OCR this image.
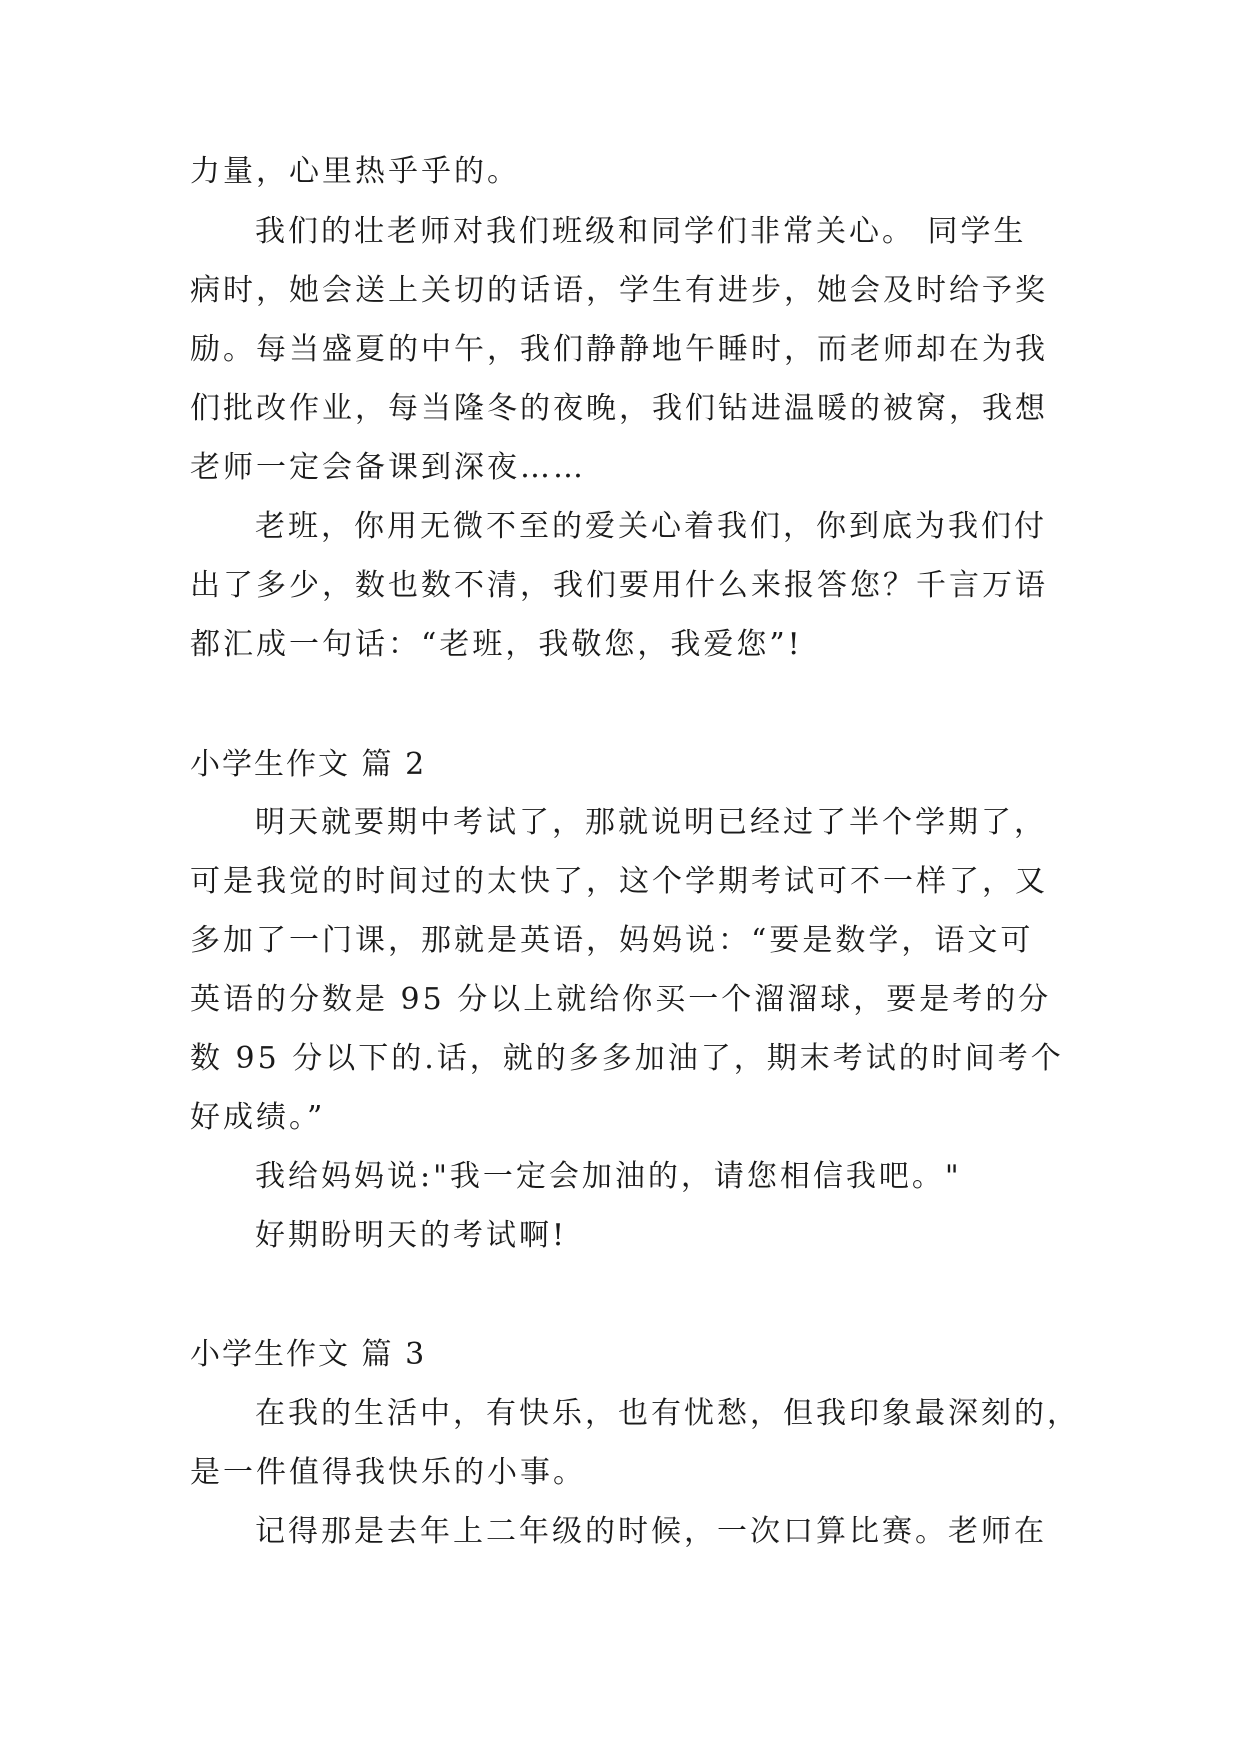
力量，心里热乎乎的。
我们的壮老师对我们班级和同学们非常关心。 同学生
病时，她会送上关切的话语，学生有进步，她会及时给予奖
励。每当盛夏的中午，我们静静地午睡时，而老师却在为我
们批改作业，每当隆冬的夜晚，我们钻进温暖的被窝，我想
老师一定会备课到深夜……
老班，你用无微不至的爱关心着我们，你到底为我们付
出了多少，数也数不清，我们要用什么来报答您？千言万语
都汇成一句话：“老班，我敬您，我爱您”!
小学生作文 篇 2
明天就要期中考试了，那就说明已经过了半个学期了，
可是我觉的时间过的太快了，这个学期考试可不一样了，又
多加了一门课，那就是英语，妈妈说：“要是数学，语文可
英语的分数是 95 分以上就给你买一个溜溜球，要是考的分
数 95 分以下的.话，就的多多加油了，期末考试的时间考个
好成绩。”
我给妈妈说:"我一定会加油的，请您相信我吧。"
好期盼明天的考试啊!
小学生作文 篇 3
在我的生活中，有快乐，也有忧愁，但我印象最深刻的，
是一件值得我快乐的小事。
记得那是去年上二年级的时候，一次口算比赛。老师在
